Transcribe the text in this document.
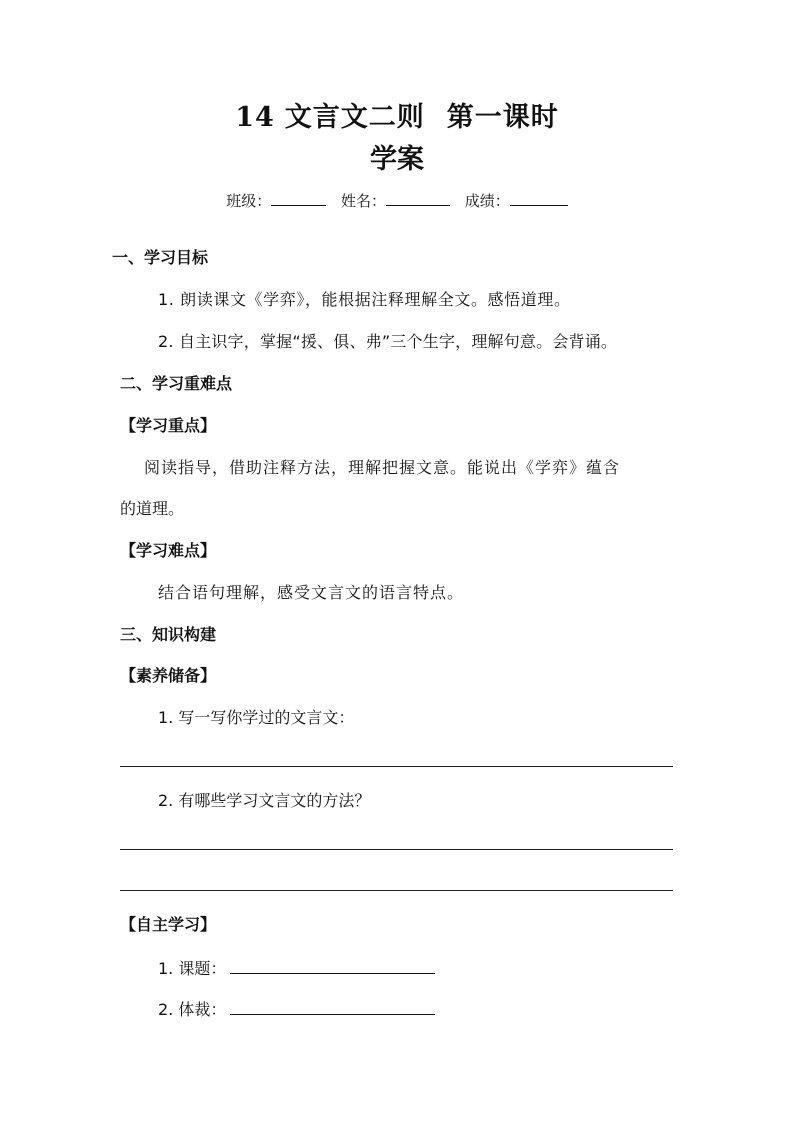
14 文言文二则 第一课时
学案
班级：	姓名：	成绩：
一、学习目标
1. 朗读课文《学弈》，能根据注释理解全文。感悟道理。
2. 自主识字，掌握“援、俱、弗”三个生字，理解句意。会背诵。
二、学习重难点
【学习重点】
阅读指导，借助注释方法，理解把握文意。能说出《学弈》蕴含
的道理。
【学习难点】
结合语句理解，感受文言文的语言特点。
三、知识构建
【素养储备】
1. 写一写你学过的文言文：
2. 有哪些学习文言文的方法？
【自主学习】
1. 课题：
2. 体裁：
